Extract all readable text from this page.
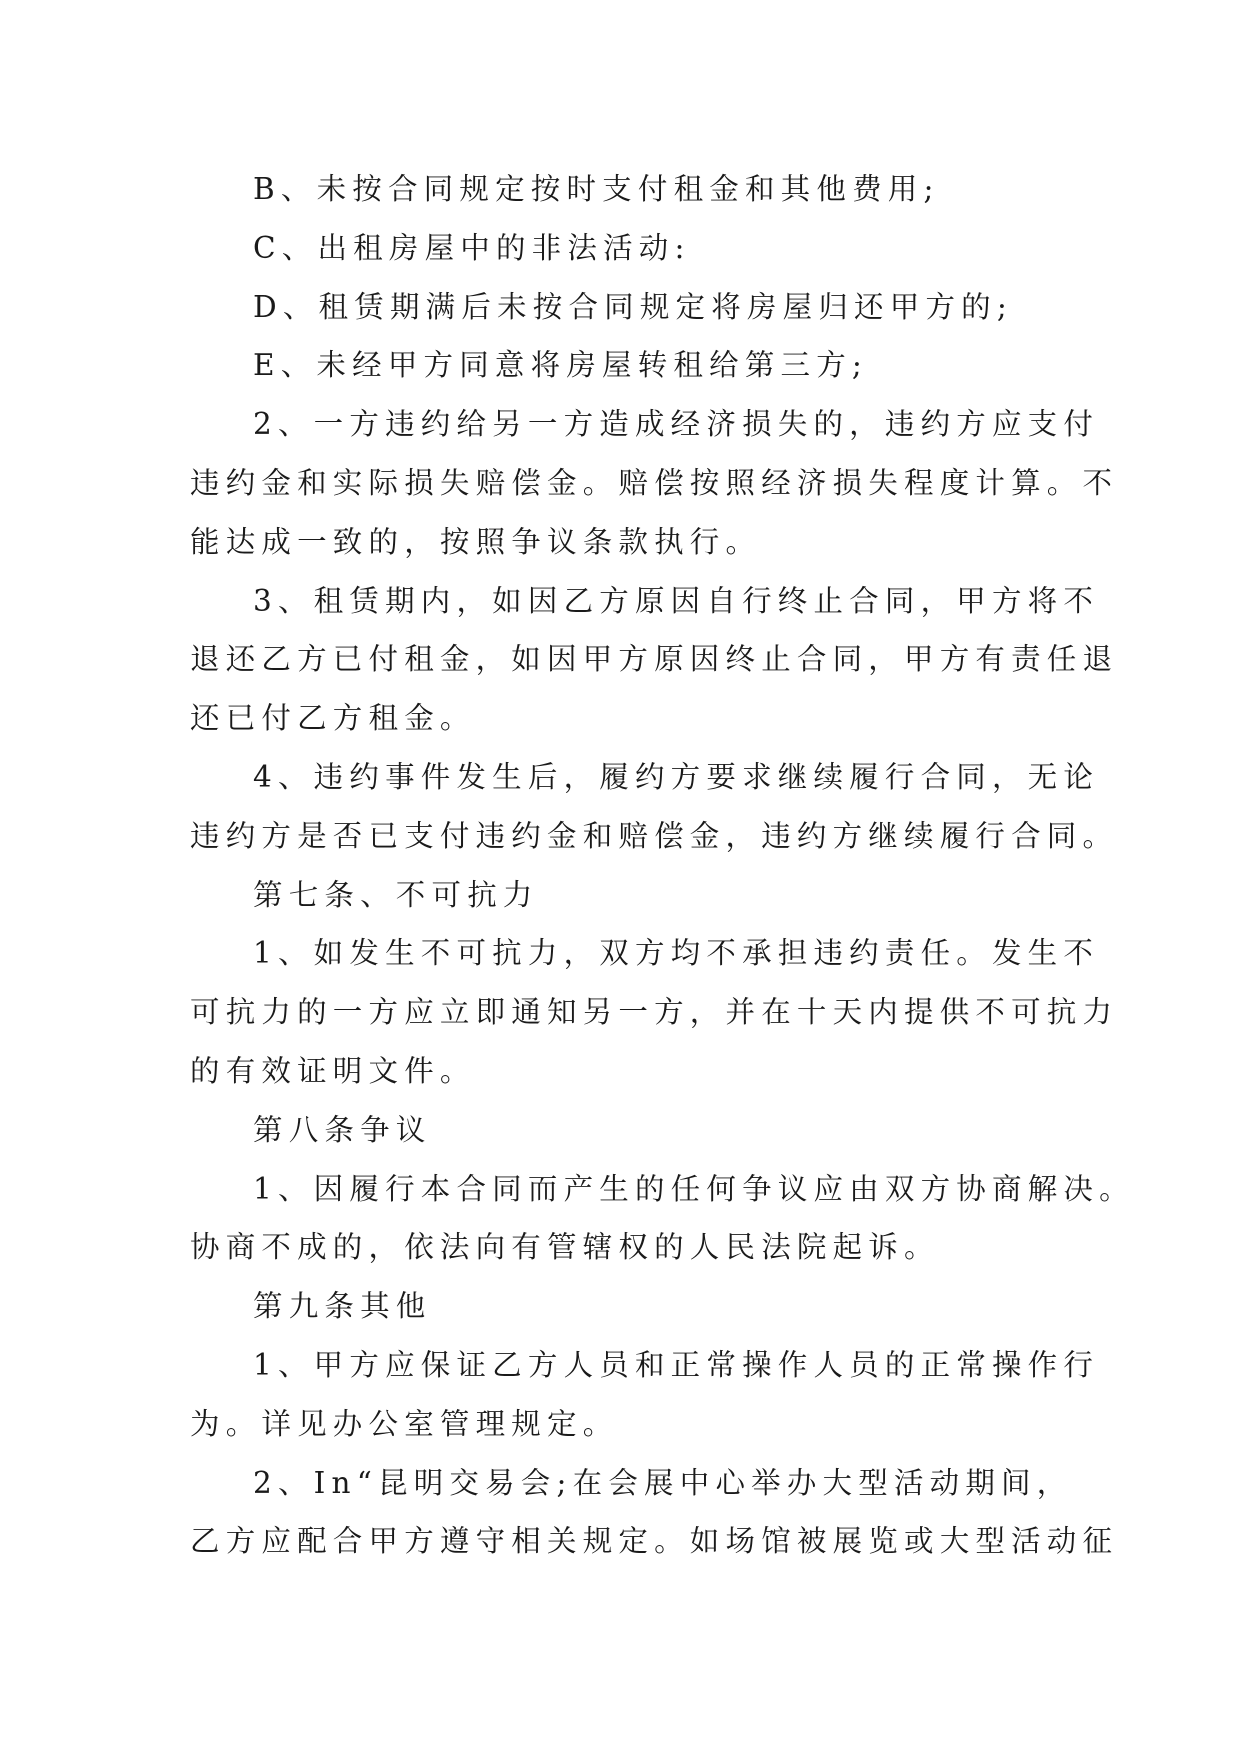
B、未按合同规定按时支付租金和其他费用;

C、出租房屋中的非法活动:

D、租赁期满后未按合同规定将房屋归还甲方的;

E、未经甲方同意将房屋转租给第三方;

2、一方违约给另一方造成经济损失的，违约方应支付

违约金和实际损失赔偿金。赔偿按照经济损失程度计算。不

能达成一致的，按照争议条款执行。

3、租赁期内，如因乙方原因自行终止合同，甲方将不

退还乙方已付租金，如因甲方原因终止合同，甲方有责任退

还已付乙方租金。

4、违约事件发生后，履约方要求继续履行合同，无论

违约方是否已支付违约金和赔偿金，违约方继续履行合同。

第七条、不可抗力

1、如发生不可抗力，双方均不承担违约责任。发生不

可抗力的一方应立即通知另一方，并在十天内提供不可抗力

的有效证明文件。

第八条争议

1、因履行本合同而产生的任何争议应由双方协商解决。

协商不成的，依法向有管辖权的人民法院起诉。

第九条其他

1、甲方应保证乙方人员和正常操作人员的正常操作行

为。详见办公室管理规定。

2、In“昆明交易会;在会展中心举办大型活动期间，

乙方应配合甲方遵守相关规定。如场馆被展览或大型活动征
